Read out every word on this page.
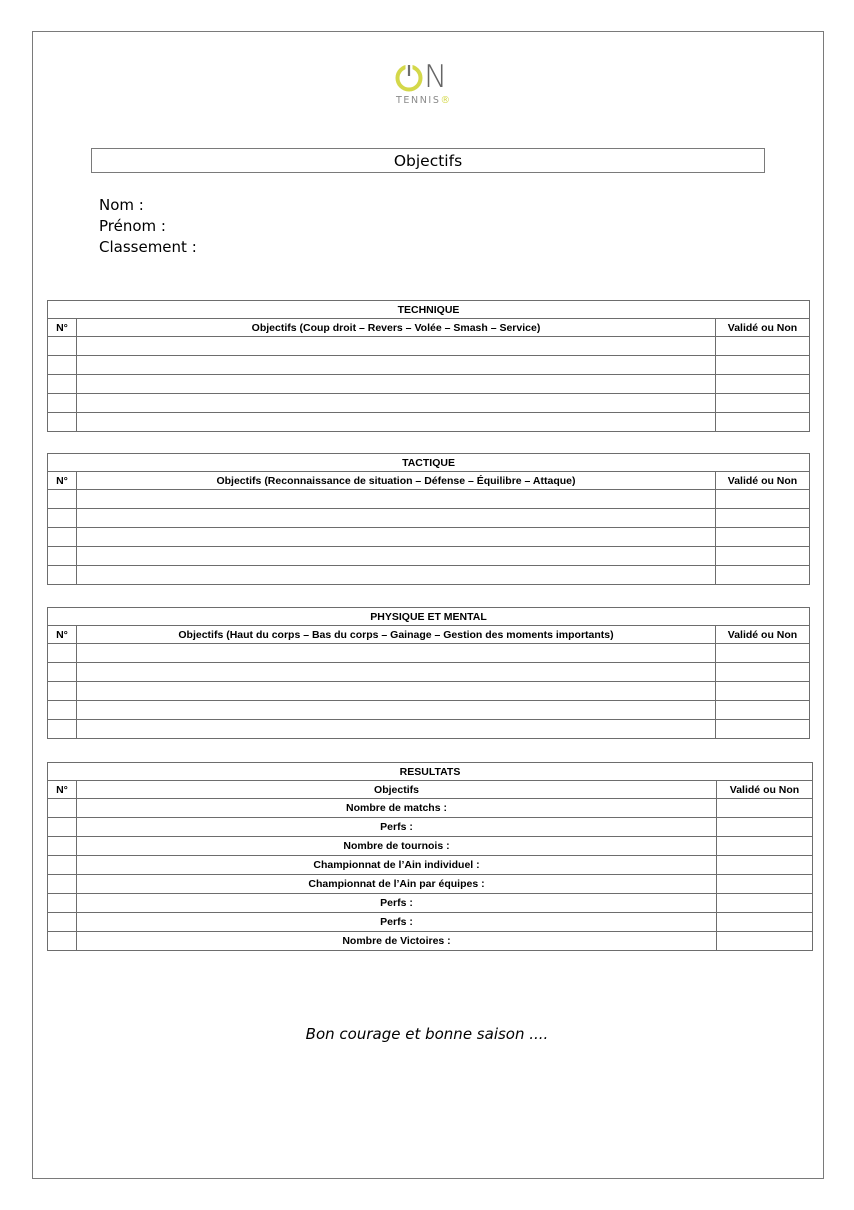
N
TENNIS®
Objectifs
Nom :
Prénom :
Classement :
TECHNIQUE		
N°	Objectifs (Coup droit – Revers – Volée – Smash – Service)	Validé ou Non

TACTIQUE		
N°	Objectifs (Reconnaissance de situation – Défense – Équilibre – Attaque)	Validé ou Non

PHYSIQUE ET MENTAL		
N°	Objectifs (Haut du corps – Bas du corps – Gainage – Gestion des moments importants)	Validé ou Non

RESULTATS		
N°	Objectifs	Validé ou Non
	Nombre de matchs :	
	Perfs :	
	Nombre de tournois :	
	Championnat de l’Ain individuel :	
	Championnat de l’Ain par équipes :	
	Perfs :	
	Perfs :	
	Nombre de Victoires :	
Bon courage et bonne saison ....
